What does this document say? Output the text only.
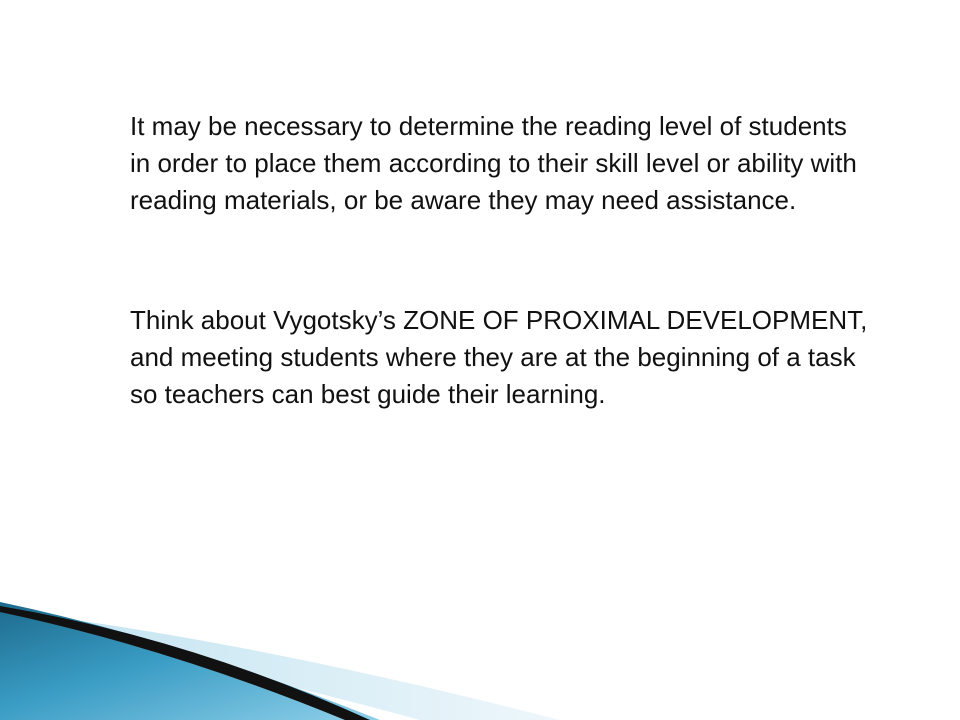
It may be necessary to determine the reading level of students in order to place them according to their skill level or ability with reading materials, or be aware they may need assistance.

Think about Vygotsky’s ZONE OF PROXIMAL DEVELOPMENT, and meeting students where they are at the beginning of a task so teachers can best guide their learning.
